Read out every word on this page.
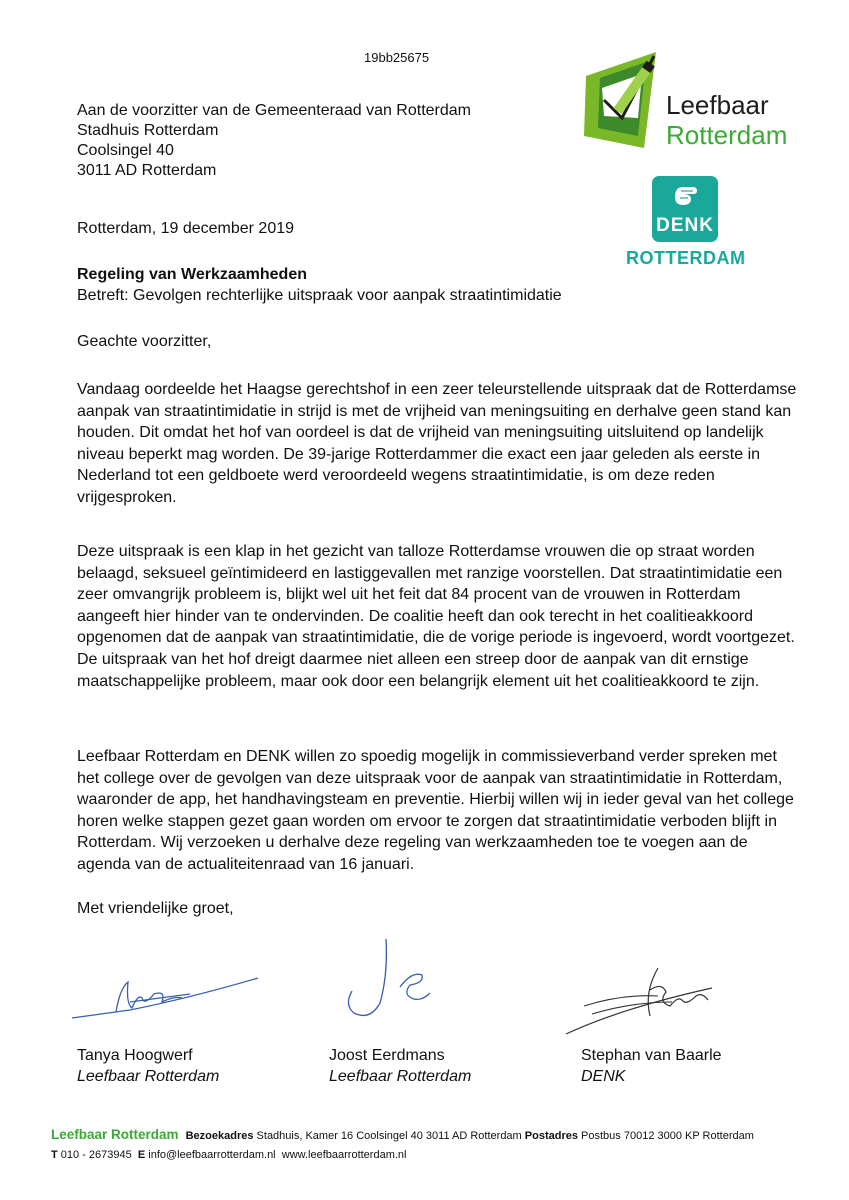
19bb25675
Leefbaar
Rotterdam
DENK
ROTTERDAM
Aan de voorzitter van de Gemeenteraad van Rotterdam
Stadhuis Rotterdam
Coolsingel 40
3011 AD Rotterdam
Rotterdam, 19 december 2019
Regeling van Werkzaamheden
Betreft: Gevolgen rechterlijke uitspraak voor aanpak straatintimidatie
Geachte voorzitter,

Vandaag oordeelde het Haagse gerechtshof in een zeer teleurstellende uitspraak dat de Rotterdamse aanpak van straatintimidatie in strijd is met de vrijheid van meningsuiting en derhalve geen stand kan houden. Dit omdat het hof van oordeel is dat de vrijheid van meningsuiting uitsluitend op landelijk niveau beperkt mag worden. De 39-jarige Rotterdammer die exact een jaar geleden als eerste in Nederland tot een geldboete werd veroordeeld wegens straatintimidatie, is om deze reden vrijgesproken.

Deze uitspraak is een klap in het gezicht van talloze Rotterdamse vrouwen die op straat worden belaagd, seksueel geïntimideerd en lastiggevallen met ranzige voorstellen. Dat straatintimidatie een zeer omvangrijk probleem is, blijkt wel uit het feit dat 84 procent van de vrouwen in Rotterdam aangeeft hier hinder van te ondervinden. De coalitie heeft dan ook terecht in het coalitieakkoord opgenomen dat de aanpak van straatintimidatie, die de vorige periode is ingevoerd, wordt voortgezet. De uitspraak van het hof dreigt daarmee niet alleen een streep door de aanpak van dit ernstige maatschappelijke probleem, maar ook door een belangrijk element uit het coalitieakkoord te zijn.

Leefbaar Rotterdam en DENK willen zo spoedig mogelijk in commissieverband verder spreken met het college over de gevolgen van deze uitspraak voor de aanpak van straatintimidatie in Rotterdam, waaronder de app, het handhavingsteam en preventie. Hierbij willen wij in ieder geval van het college horen welke stappen gezet gaan worden om ervoor te zorgen dat straatintimidatie verboden blijft in Rotterdam. Wij verzoeken u derhalve deze regeling van werkzaamheden toe te voegen aan de agenda van de actualiteitenraad van 16 januari.

Met vriendelijke groet,
Tanya Hoogwerf
Leefbaar Rotterdam
Joost Eerdmans
Leefbaar Rotterdam
Stephan van Baarle
DENK
Leefbaar Rotterdam Bezoekadres Stadhuis, Kamer 16 Coolsingel 40 3011 AD Rotterdam Postadres Postbus 70012 3000 KP Rotterdam
T 010 - 2673945 E info@leefbaarrotterdam.nl www.leefbaarrotterdam.nl
